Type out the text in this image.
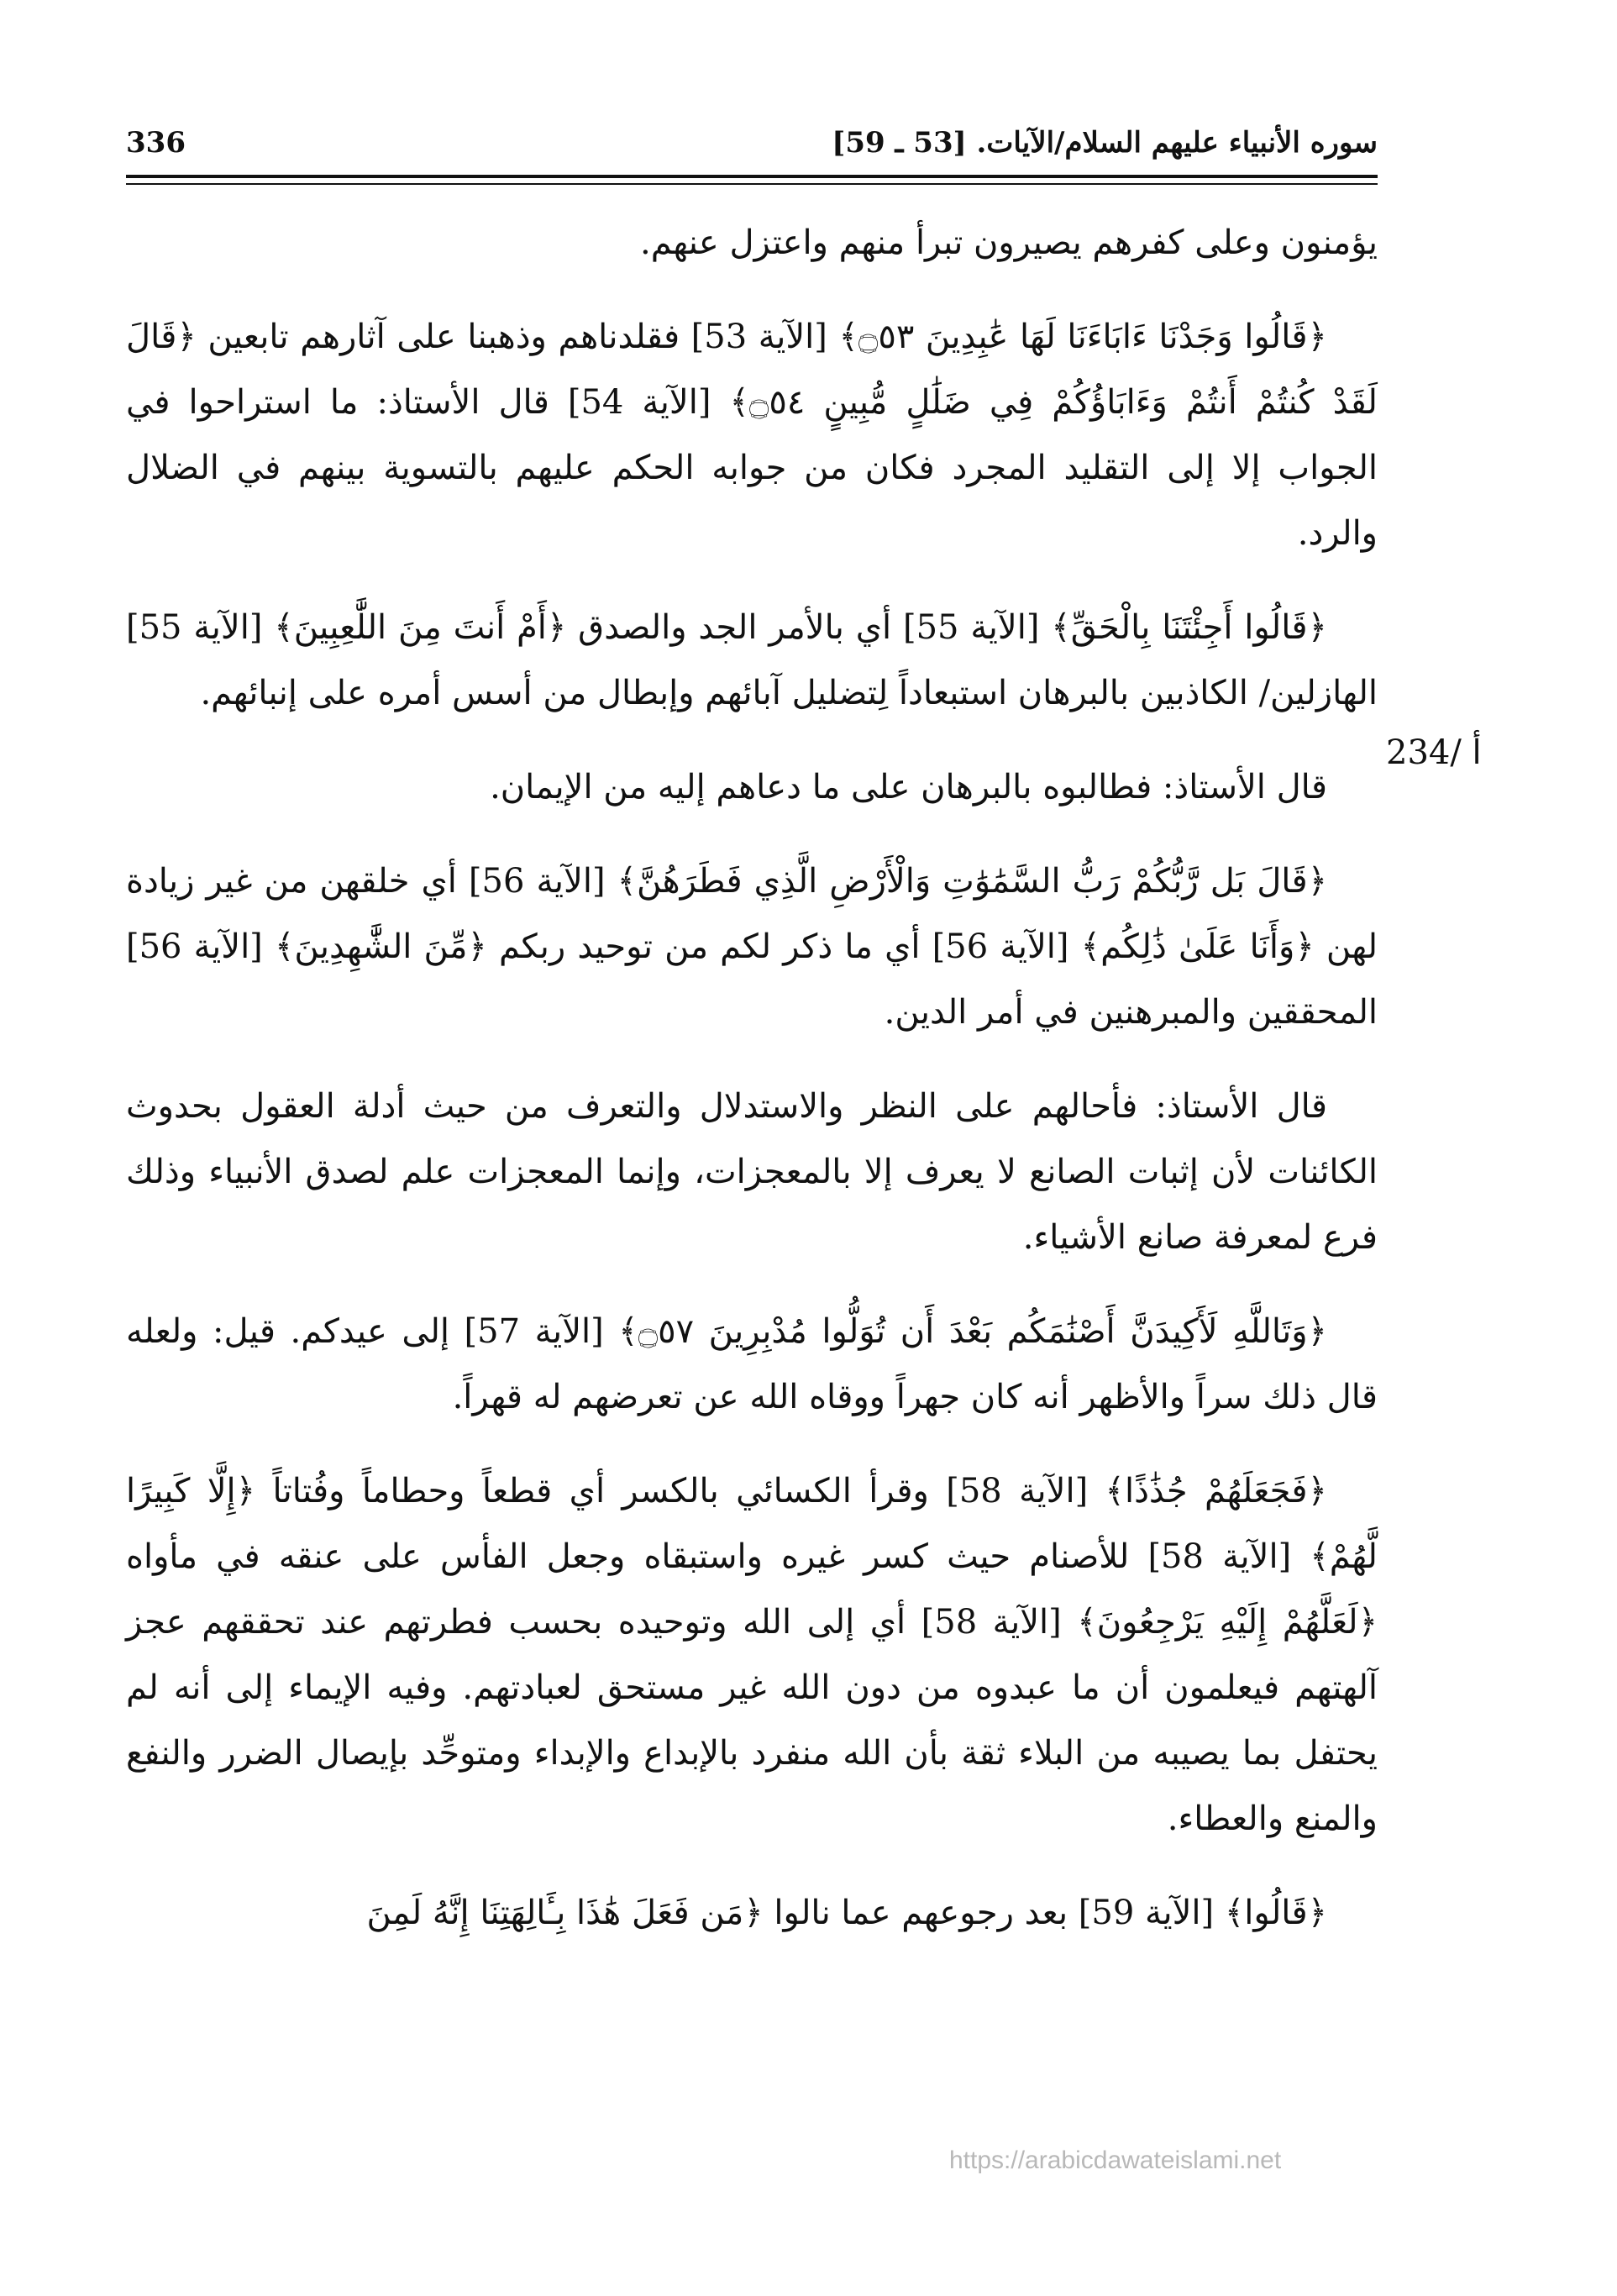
سوره الأنبياء عليهم السلام/الآيات. [53 ـ 59]
336
234/ أ

يؤمنون وعلى كفرهم يصيرون تبرأ منهم واعتزل عنهم.

﴿قَالُوا وَجَدْنَا ءَابَاءَنَا لَهَا عَٰبِدِينَ ۝٥٣﴾ [الآية 53] فقلدناهم وذهبنا على آثارهم تابعين ﴿قَالَ لَقَدْ كُنتُمْ أَنتُمْ وَءَابَاؤُكُمْ فِي ضَلَٰلٍ مُّبِينٍ ۝٥٤﴾ [الآية 54] قال الأستاذ: ما استراحوا في الجواب إلا إلى التقليد المجرد فكان من جوابه الحكم عليهم بالتسوية بينهم في الضلال والرد.

﴿قَالُوا أَجِئْتَنَا بِالْحَقِّ﴾ [الآية 55] أي بالأمر الجد والصدق ﴿أَمْ أَنتَ مِنَ اللَّٰعِبِينَ﴾ [الآية 55] الهازلين/ الكاذبين بالبرهان استبعاداً لِتضليل آبائهم وإبطال من أسس أمره على إنبائهم.

قال الأستاذ: فطالبوه بالبرهان على ما دعاهم إليه من الإيمان.

﴿قَالَ بَل رَّبُّكُمْ رَبُّ السَّمَٰوَٰتِ وَالْأَرْضِ الَّذِي فَطَرَهُنَّ﴾ [الآية 56] أي خلقهن من غير زيادة لهن ﴿وَأَنَا عَلَىٰ ذَٰلِكُم﴾ [الآية 56] أي ما ذكر لكم من توحيد ربكم ﴿مِّنَ الشَّٰهِدِينَ﴾ [الآية 56] المحققين والمبرهنين في أمر الدين.

قال الأستاذ: فأحالهم على النظر والاستدلال والتعرف من حيث أدلة العقول بحدوث الكائنات لأن إثبات الصانع لا يعرف إلا بالمعجزات، وإنما المعجزات علم لصدق الأنبياء وذلك فرع لمعرفة صانع الأشياء.

﴿وَتَاللَّهِ لَأَكِيدَنَّ أَصْنَٰمَكُم بَعْدَ أَن تُوَلُّوا مُدْبِرِينَ ۝٥٧﴾ [الآية 57] إلى عيدكم. قيل: ولعله قال ذلك سراً والأظهر أنه كان جهراً ووقاه الله عن تعرضهم له قهراً.

﴿فَجَعَلَهُمْ جُذَٰذًا﴾ [الآية 58] وقرأ الكسائي بالكسر أي قطعاً وحطاماً وفُتاتاً ﴿إِلَّا كَبِيرًا لَّهُمْ﴾ [الآية 58] للأصنام حيث كسر غيره واستبقاه وجعل الفأس على عنقه في مأواه ﴿لَعَلَّهُمْ إِلَيْهِ يَرْجِعُونَ﴾ [الآية 58] أي إلى الله وتوحيده بحسب فطرتهم عند تحققهم عجز آلهتهم فيعلمون أن ما عبدوه من دون الله غير مستحق لعبادتهم. وفيه الإيماء إلى أنه لم يحتفل بما يصيبه من البلاء ثقة بأن الله منفرد بالإبداع والإبداء ومتوحِّد بإيصال الضرر والنفع والمنع والعطاء.

﴿قَالُوا﴾ [الآية 59] بعد رجوعهم عما نالوا ﴿مَن فَعَلَ هَٰذَا بِـَٔالِهَتِنَا إِنَّهُ لَمِنَ

https://arabicdawateislami.net
